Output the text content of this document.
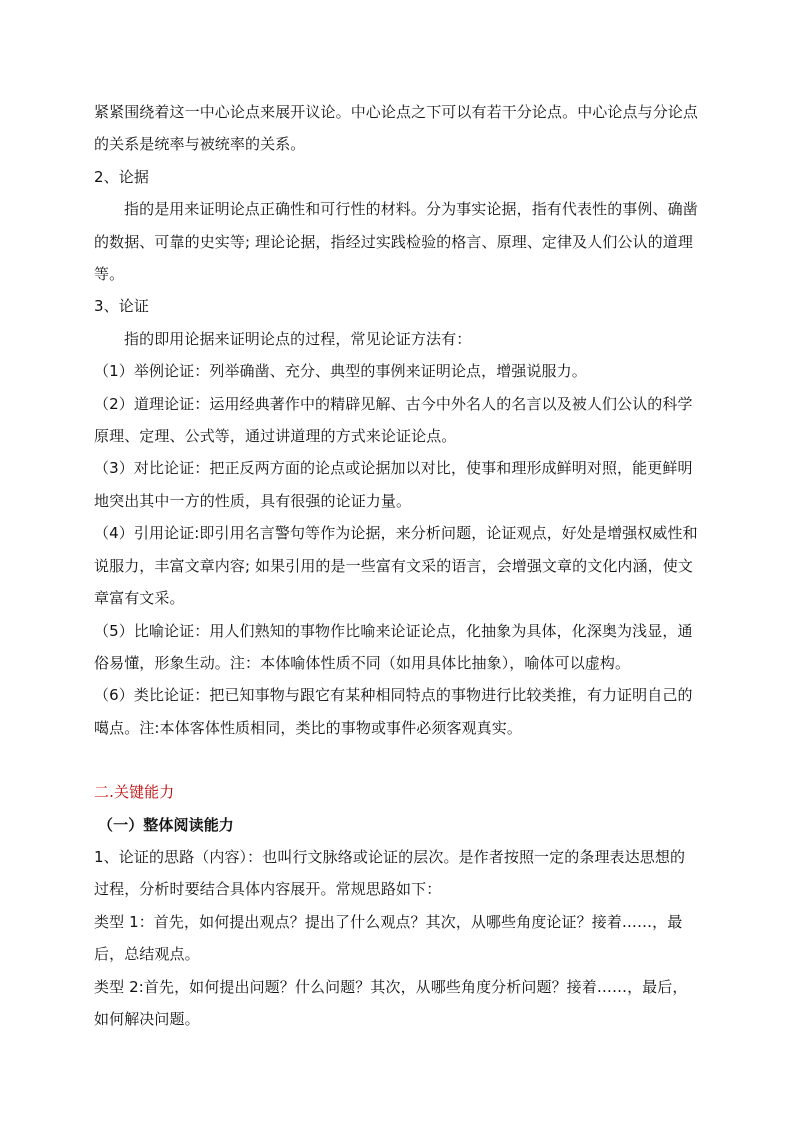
紧紧围绕着这一中心论点来展开议论。中心论点之下可以有若干分论点。中心论点与分论点的关系是统率与被统率的关系。

2、论据

指的是用来证明论点正确性和可行性的材料。分为事实论据，指有代表性的事例、确凿的数据、可靠的史实等; 理论论据，指经过实践检验的格言、原理、定律及人们公认的道理等。

3、论证

指的即用论据来证明论点的过程，常见论证方法有：

（1）举例论证：列举确凿、充分、典型的事例来证明论点，增强说服力。

（2）道理论证：运用经典著作中的精辟见解、古今中外名人的名言以及被人们公认的科学原理、定理、公式等，通过讲道理的方式来论证论点。

（3）对比论证：把正反两方面的论点或论据加以对比，使事和理形成鲜明对照，能更鲜明地突出其中一方的性质，具有很强的论证力量。

（4）引用论证:即引用名言警句等作为论据，来分析问题，论证观点，好处是增强权威性和说服力，丰富文章内容; 如果引用的是一些富有文采的语言，会增强文章的文化内涵，使文章富有文采。

（5）比喻论证：用人们熟知的事物作比喻来论证论点，化抽象为具体，化深奥为浅显，通俗易懂，形象生动。注：本体喻体性质不同（如用具体比抽象），喻体可以虚构。

（6）类比论证：把已知事物与跟它有某种相同特点的事物进行比较类推，有力证明自己的噶点。注:本体客体性质相同，类比的事物或事件必须客观真实。

二.关键能力

（一）整体阅读能力

1、论证的思路（内容）：也叫行文脉络或论证的层次。是作者按照一定的条理表达思想的过程，分析时要结合具体内容展开。常规思路如下：

类型 1：首先，如何提出观点？提出了什么观点？其次，从哪些角度论证？接着……，最后，总结观点。

类型 2:首先，如何提出问题？什么问题？其次，从哪些角度分析问题？接着……，最后，如何解决问题。
